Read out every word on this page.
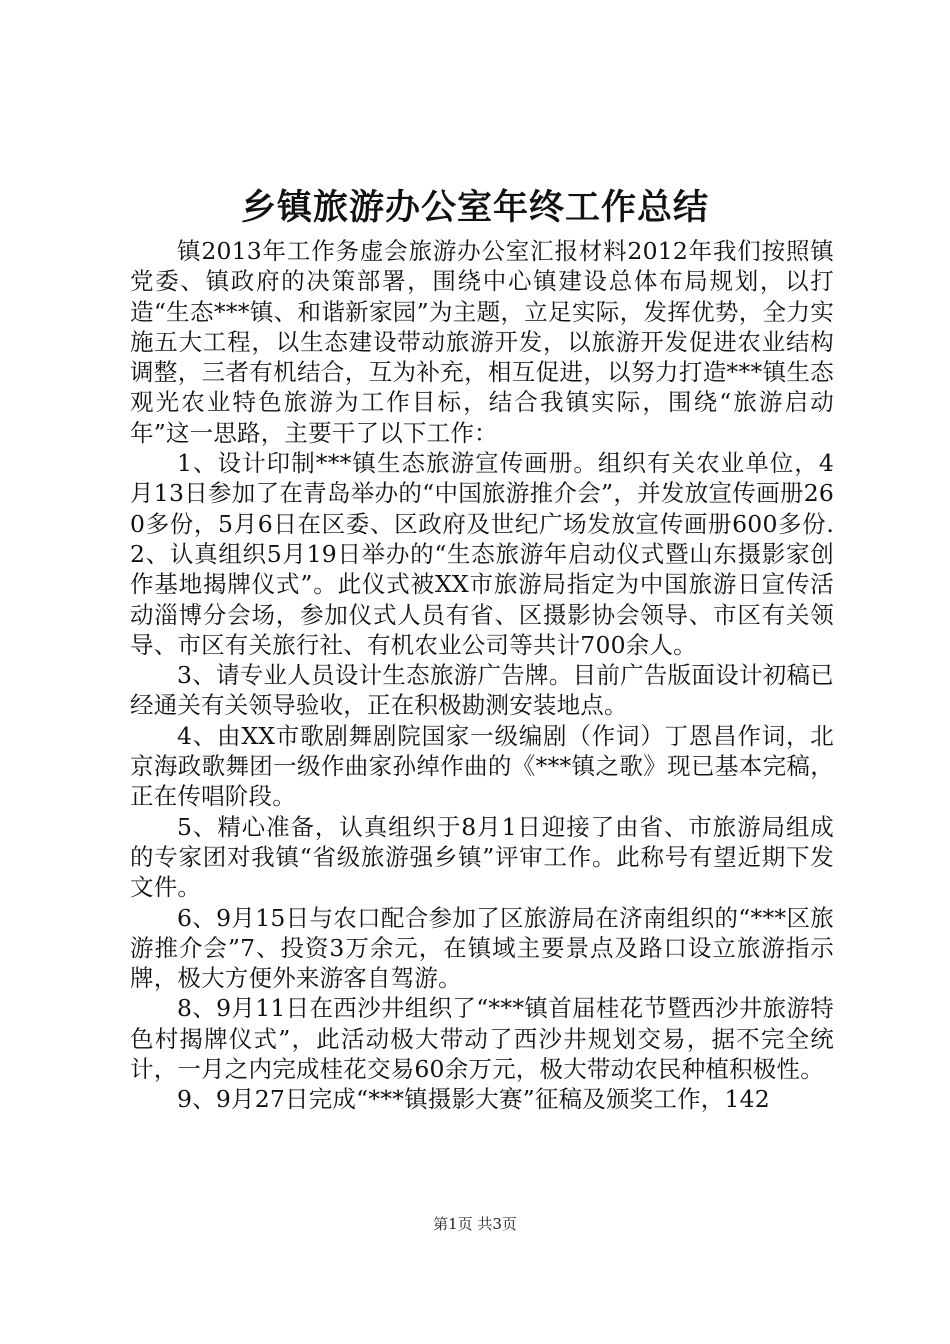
乡镇旅游办公室年终工作总结

镇2013年工作务虚会旅游办公室汇报材料2012年我们按照镇党委、镇政府的决策部署，围绕中心镇建设总体布局规划，以打造“生态***镇、和谐新家园”为主题，立足实际，发挥优势，全力实施五大工程，以生态建设带动旅游开发，以旅游开发促进农业结构调整，三者有机结合，互为补充，相互促进，以努力打造***镇生态观光农业特色旅游为工作目标，结合我镇实际，围绕“旅游启动年”这一思路，主要干了以下工作：

1、设计印制***镇生态旅游宣传画册。组织有关农业单位，4月13日参加了在青岛举办的“中国旅游推介会”，并发放宣传画册260多份，5月6日在区委、区政府及世纪广场发放宣传画册600多份.2、认真组织5月19日举办的“生态旅游年启动仪式暨山东摄影家创作基地揭牌仪式”。此仪式被XX市旅游局指定为中国旅游日宣传活动淄博分会场，参加仪式人员有省、区摄影协会领导、市区有关领导、市区有关旅行社、有机农业公司等共计700余人。

3、请专业人员设计生态旅游广告牌。目前广告版面设计初稿已经通关有关领导验收，正在积极勘测安装地点。

4、由XX市歌剧舞剧院国家一级编剧（作词）丁恩昌作词，北京海政歌舞团一级作曲家孙绰作曲的《***镇之歌》现已基本完稿，正在传唱阶段。

5、精心准备，认真组织于8月1日迎接了由省、市旅游局组成的专家团对我镇“省级旅游强乡镇”评审工作。此称号有望近期下发文件。

6、9月15日与农口配合参加了区旅游局在济南组织的“***区旅游推介会”7、投资3万余元，在镇域主要景点及路口设立旅游指示牌，极大方便外来游客自驾游。

8、9月11日在西沙井组织了“***镇首届桂花节暨西沙井旅游特色村揭牌仪式”，此活动极大带动了西沙井规划交易，据不完全统计，一月之内完成桂花交易60余万元，极大带动农民种植积极性。

9、9月27日完成“***镇摄影大赛”征稿及颁奖工作，142

第1页 共3页
